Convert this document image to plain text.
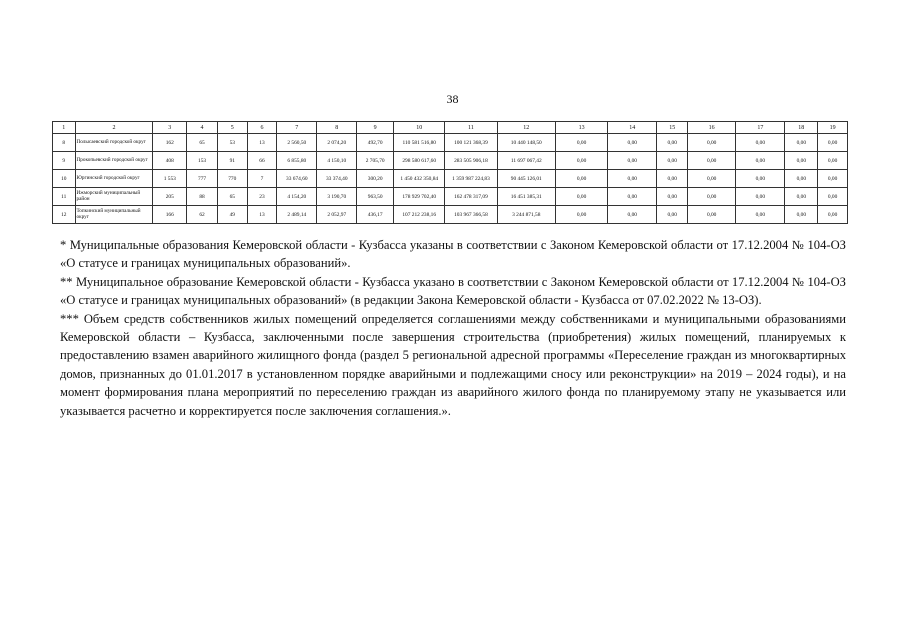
38
1	2	3	4	5	6	7	8	9	10	11	12	13	14	15	16	17	18	19
8	Полысаевский городской округ	162	65	53	13	2 560,50	2 074,20	492,70	110 581 516,80	100 121 368,39	10 440 148,50	0,00	0,00	0,00	0,00	0,00	0,00	0,00
9	Прокопьевский городской округ	408	153	91	66	6 855,80	4 150,10	2 705,70	298 580 617,60	283 505 906,18	11 697 067,42	0,00	0,00	0,00	0,00	0,00	0,00	0,00
10	Юргинский городской округ	1 553	777	770	7	33 674,60	33 374,40	300,20	1 450 432 350,84	1 359 987 224,83	90 445 126,01	0,00	0,00	0,00	0,00	0,00	0,00	0,00
11	Ижморский муниципальный район	205	88	65	23	4 154,20	3 190,70	963,50	178 929 702,40	162 478 317,09	16 451 385,31	0,00	0,00	0,00	0,00	0,00	0,00	0,00
12	Топкинский муниципальный округ	166	62	49	13	2 489,14	2 052,97	436,17	107 212 238,16	103 967 366,58	3 244 871,58	0,00	0,00	0,00	0,00	0,00	0,00	0,00

* Муниципальные образования Кемеровской области - Кузбасса указаны в соответствии с Законом Кемеровской области от 17.12.2004 № 104-ОЗ «О статусе и границах муниципальных образований».

** Муниципальное образование Кемеровской области - Кузбасса указано в соответствии с Законом Кемеровской области от 17.12.2004 № 104-ОЗ «О статусе и границах муниципальных образований» (в редакции Закона Кемеровской области - Кузбасса от 07.02.2022 № 13-ОЗ).

*** Объем средств собственников жилых помещений определяется соглашениями между собственниками и муниципальными образованиями Кемеровской области – Кузбасса, заключенными после завершения строительства (приобретения) жилых помещений, планируемых к предоставлению взамен аварийного жилищного фонда (раздел 5 региональной адресной программы «Переселение граждан из многоквартирных домов, признанных до 01.01.2017 в установленном порядке аварийными и подлежащими сносу или реконструкции» на 2019 – 2024 годы), и на момент формирования плана мероприятий по переселению граждан из аварийного жилого фонда по планируемому этапу не указывается или указывается расчетно и корректируется после заключения соглашения.».
